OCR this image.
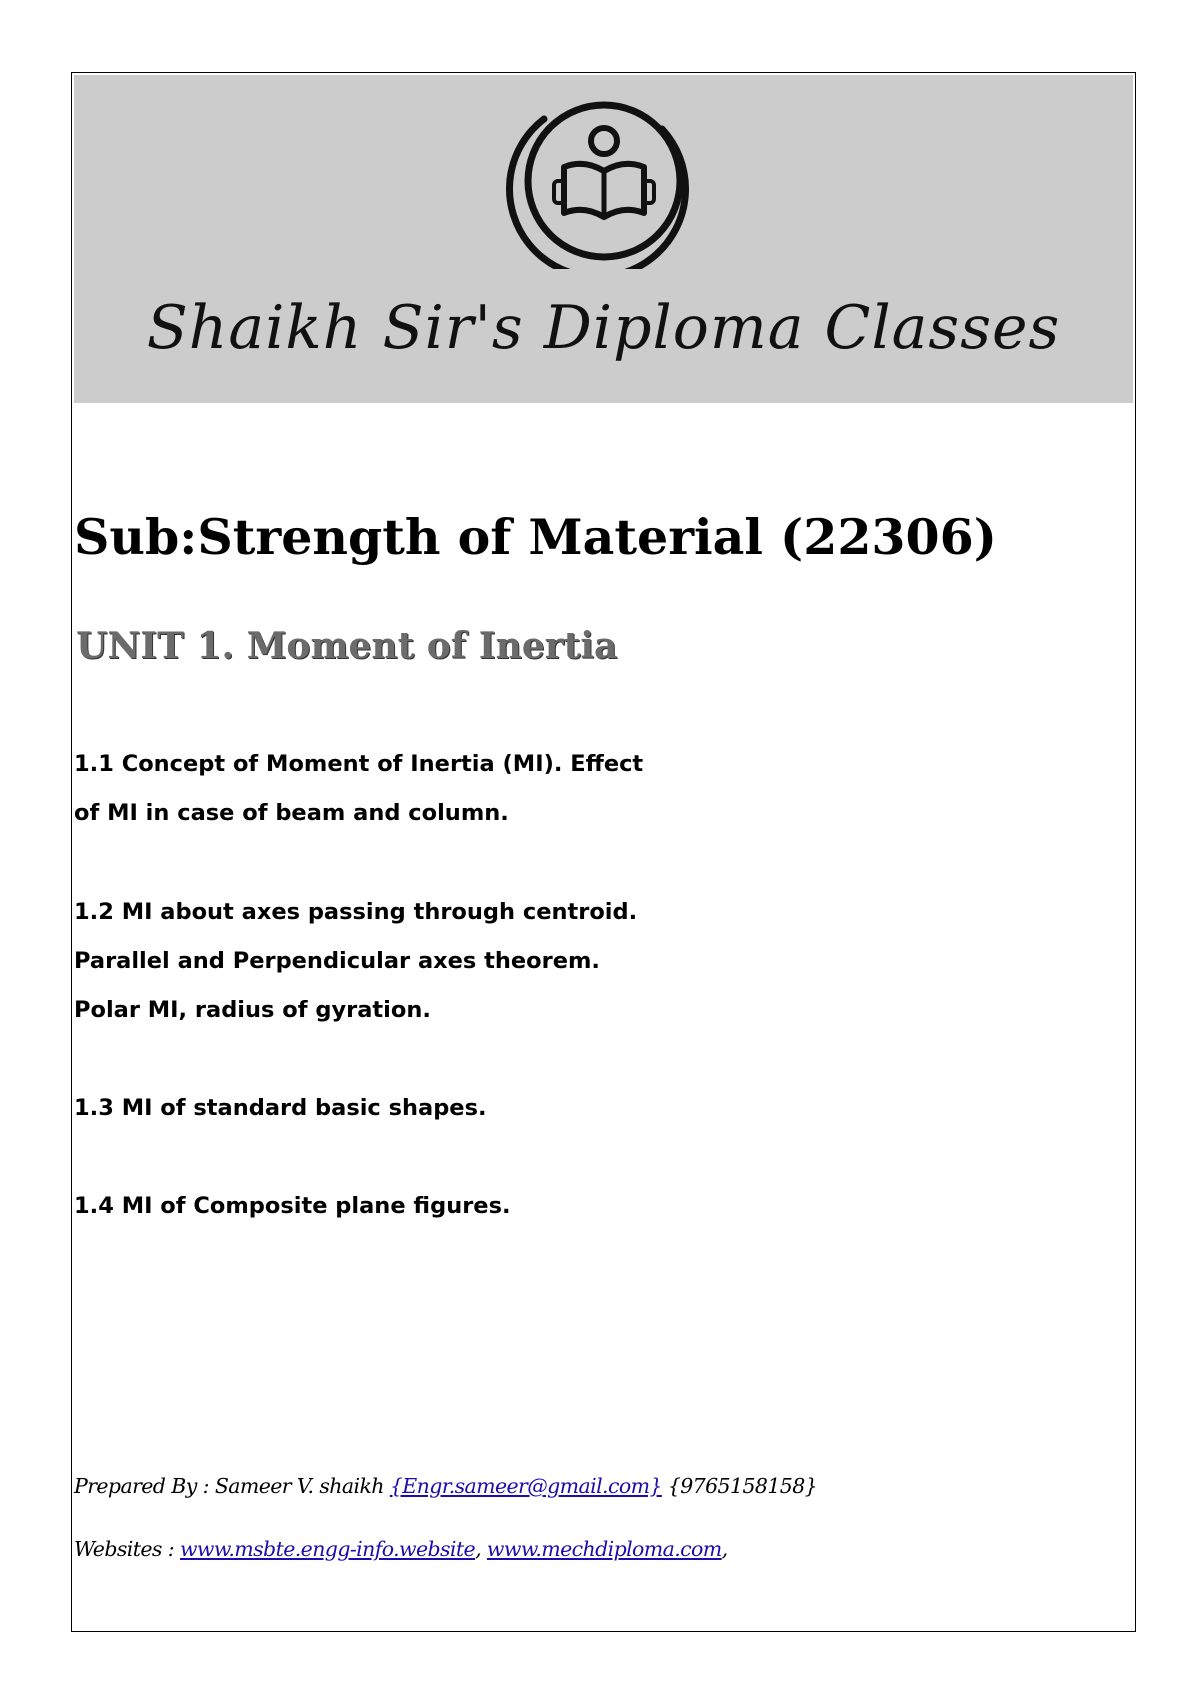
Shaikh Sir's Diploma Classes
Sub:Strength of Material (22306)
UNIT 1. Moment of Inertia
1.1 Concept of Moment of Inertia (MI). Effect
of MI in case of beam and column.
1.2 MI about axes passing through centroid.
Parallel and Perpendicular axes theorem.
Polar MI, radius of gyration.
1.3 MI of standard basic shapes.
1.4 MI of Composite plane figures.
Prepared By : Sameer V. shaikh {Engr.sameer@gmail.com} {9765158158}
Websites : www.msbte.engg-info.website, www.mechdiploma.com,
